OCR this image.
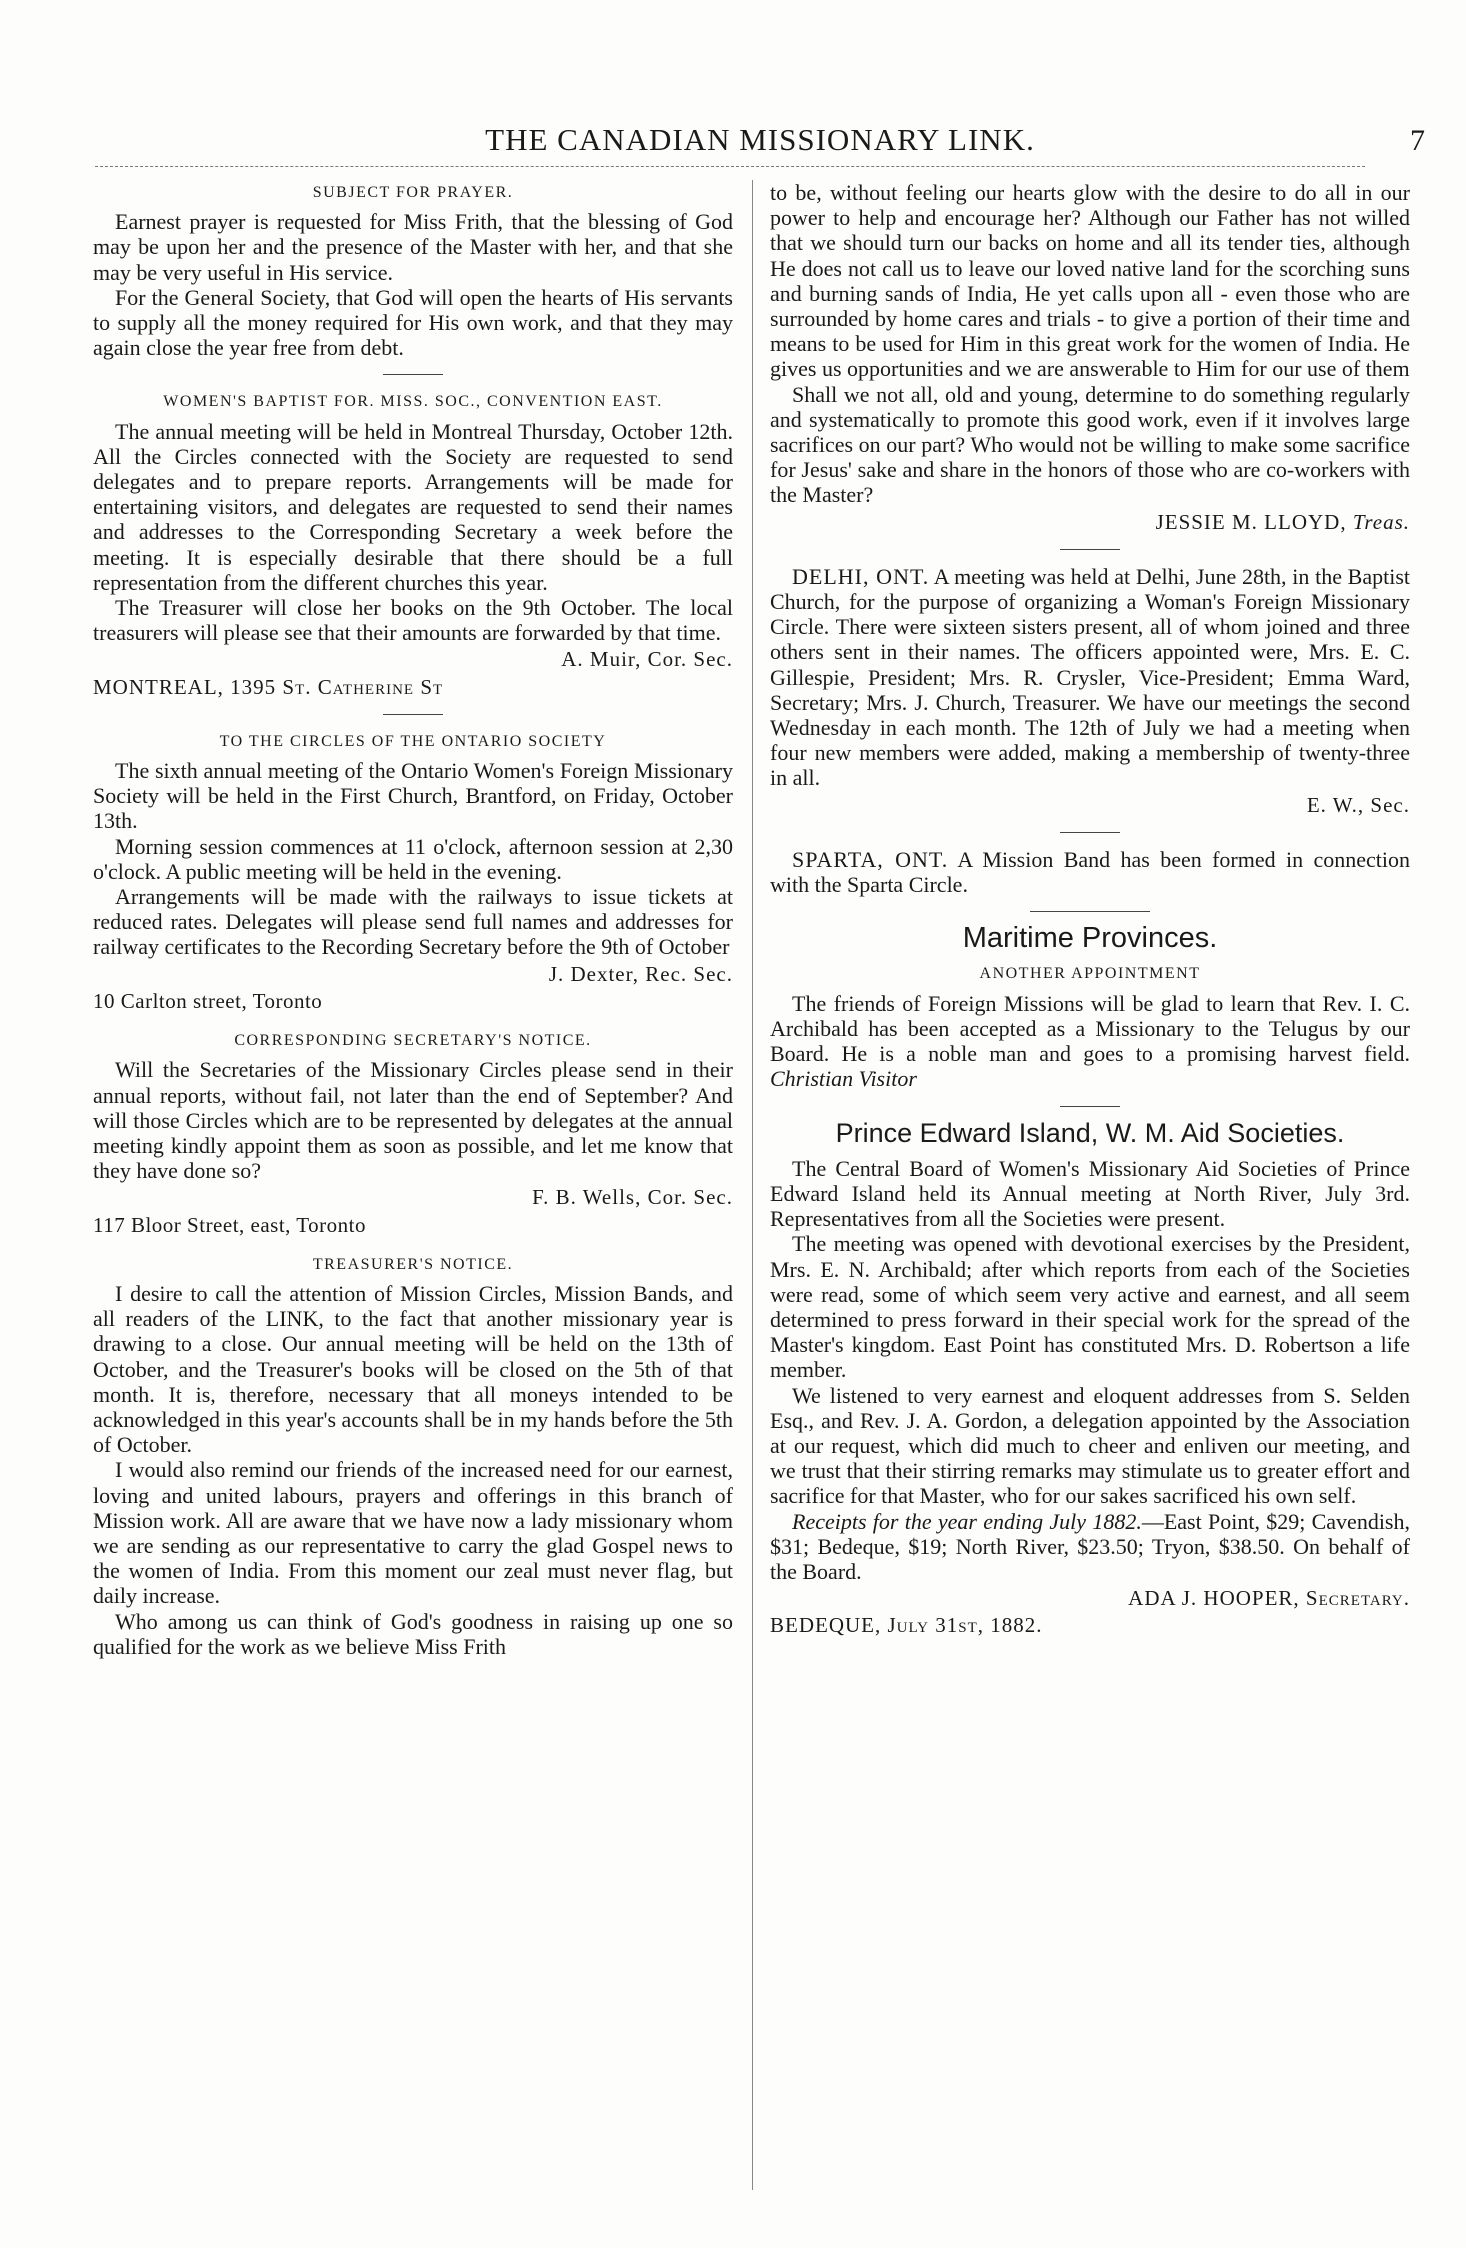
THE CANADIAN MISSIONARY LINK.	7
SUBJECT FOR PRAYER.

Earnest prayer is requested for Miss Frith, that the blessing of God may be upon her and the presence of the Master with her, and that she may be very useful in His service.

For the General Society, that God will open the hearts of His servants to supply all the money required for His own work, and that they may again close the year free from debt.

WOMEN'S BAPTIST FOR. MISS. SOC., CONVENTION EAST.

The annual meeting will be held in Montreal Thursday, October 12th. All the Circles connected with the Society are requested to send delegates and to prepare reports. Arrangements will be made for entertaining visitors, and delegates are requested to send their names and addresses to the Corresponding Secretary a week before the meeting. It is especially desirable that there should be a full representation from the different churches this year.

The Treasurer will close her books on the 9th October. The local treasurers will please see that their amounts are forwarded by that time.

A. Muir, Cor. Sec.
MONTREAL, 1395 St. Catherine St
TO THE CIRCLES OF THE ONTARIO SOCIETY

The sixth annual meeting of the Ontario Women's Foreign Missionary Society will be held in the First Church, Brantford, on Friday, October 13th.

Morning session commences at 11 o'clock, afternoon session at 2,30 o'clock. A public meeting will be held in the evening.

Arrangements will be made with the railways to issue tickets at reduced rates. Delegates will please send full names and addresses for railway certificates to the Recording Secretary before the 9th of October

J. Dexter, Rec. Sec.
10 Carlton street, Toronto
CORRESPONDING SECRETARY'S NOTICE.

Will the Secretaries of the Missionary Circles please send in their annual reports, without fail, not later than the end of September? And will those Circles which are to be represented by delegates at the annual meeting kindly appoint them as soon as possible, and let me know that they have done so?

F. B. Wells, Cor. Sec.
117 Bloor Street, east, Toronto
TREASURER'S NOTICE.

I desire to call the attention of Mission Circles, Mission Bands, and all readers of the LINK, to the fact that another missionary year is drawing to a close. Our annual meeting will be held on the 13th of October, and the Treasurer's books will be closed on the 5th of that month. It is, therefore, necessary that all moneys intended to be acknowledged in this year's accounts shall be in my hands before the 5th of October.

I would also remind our friends of the increased need for our earnest, loving and united labours, prayers and offerings in this branch of Mission work. All are aware that we have now a lady missionary whom we are sending as our representative to carry the glad Gospel news to the women of India. From this moment our zeal must never flag, but daily increase.

Who among us can think of God's goodness in raising up one so qualified for the work as we believe Miss Frith

to be, without feeling our hearts glow with the desire to do all in our power to help and encourage her? Although our Father has not willed that we should turn our backs on home and all its tender ties, although He does not call us to leave our loved native land for the scorching suns and burning sands of India, He yet calls upon all - even those who are surrounded by home cares and trials - to give a portion of their time and means to be used for Him in this great work for the women of India. He gives us opportunities and we are answerable to Him for our use of them

Shall we not all, old and young, determine to do something regularly and systematically to promote this good work, even if it involves large sacrifices on our part? Who would not be willing to make some sacrifice for Jesus' sake and share in the honors of those who are co-workers with the Master?

JESSIE M. LLOYD, Treas.

DELHI, ONT. A meeting was held at Delhi, June 28th, in the Baptist Church, for the purpose of organizing a Woman's Foreign Missionary Circle. There were sixteen sisters present, all of whom joined and three others sent in their names. The officers appointed were, Mrs. E. C. Gillespie, President; Mrs. R. Crysler, Vice-President; Emma Ward, Secretary; Mrs. J. Church, Treasurer. We have our meetings the second Wednesday in each month. The 12th of July we had a meeting when four new members were added, making a membership of twenty-three in all.

E. W., Sec.

SPARTA, ONT. A Mission Band has been formed in connection with the Sparta Circle.

Maritime Provinces.
ANOTHER APPOINTMENT

The friends of Foreign Missions will be glad to learn that Rev. I. C. Archibald has been accepted as a Missionary to the Telugus by our Board. He is a noble man and goes to a promising harvest field. Christian Visitor

Prince Edward Island, W. M. Aid Societies.

The Central Board of Women's Missionary Aid Societies of Prince Edward Island held its Annual meeting at North River, July 3rd. Representatives from all the Societies were present.

The meeting was opened with devotional exercises by the President, Mrs. E. N. Archibald; after which reports from each of the Societies were read, some of which seem very active and earnest, and all seem determined to press forward in their special work for the spread of the Master's kingdom. East Point has constituted Mrs. D. Robertson a life member.

We listened to very earnest and eloquent addresses from S. Selden Esq., and Rev. J. A. Gordon, a delegation appointed by the Association at our request, which did much to cheer and enliven our meeting, and we trust that their stirring remarks may stimulate us to greater effort and sacrifice for that Master, who for our sakes sacrificed his own self.

Receipts for the year ending July 1882.—East Point, $29; Cavendish, $31; Bedeque, $19; North River, $23.50; Tryon, $38.50. On behalf of the Board.

ADA J. HOOPER, Secretary.
BEDEQUE, July 31st, 1882.
